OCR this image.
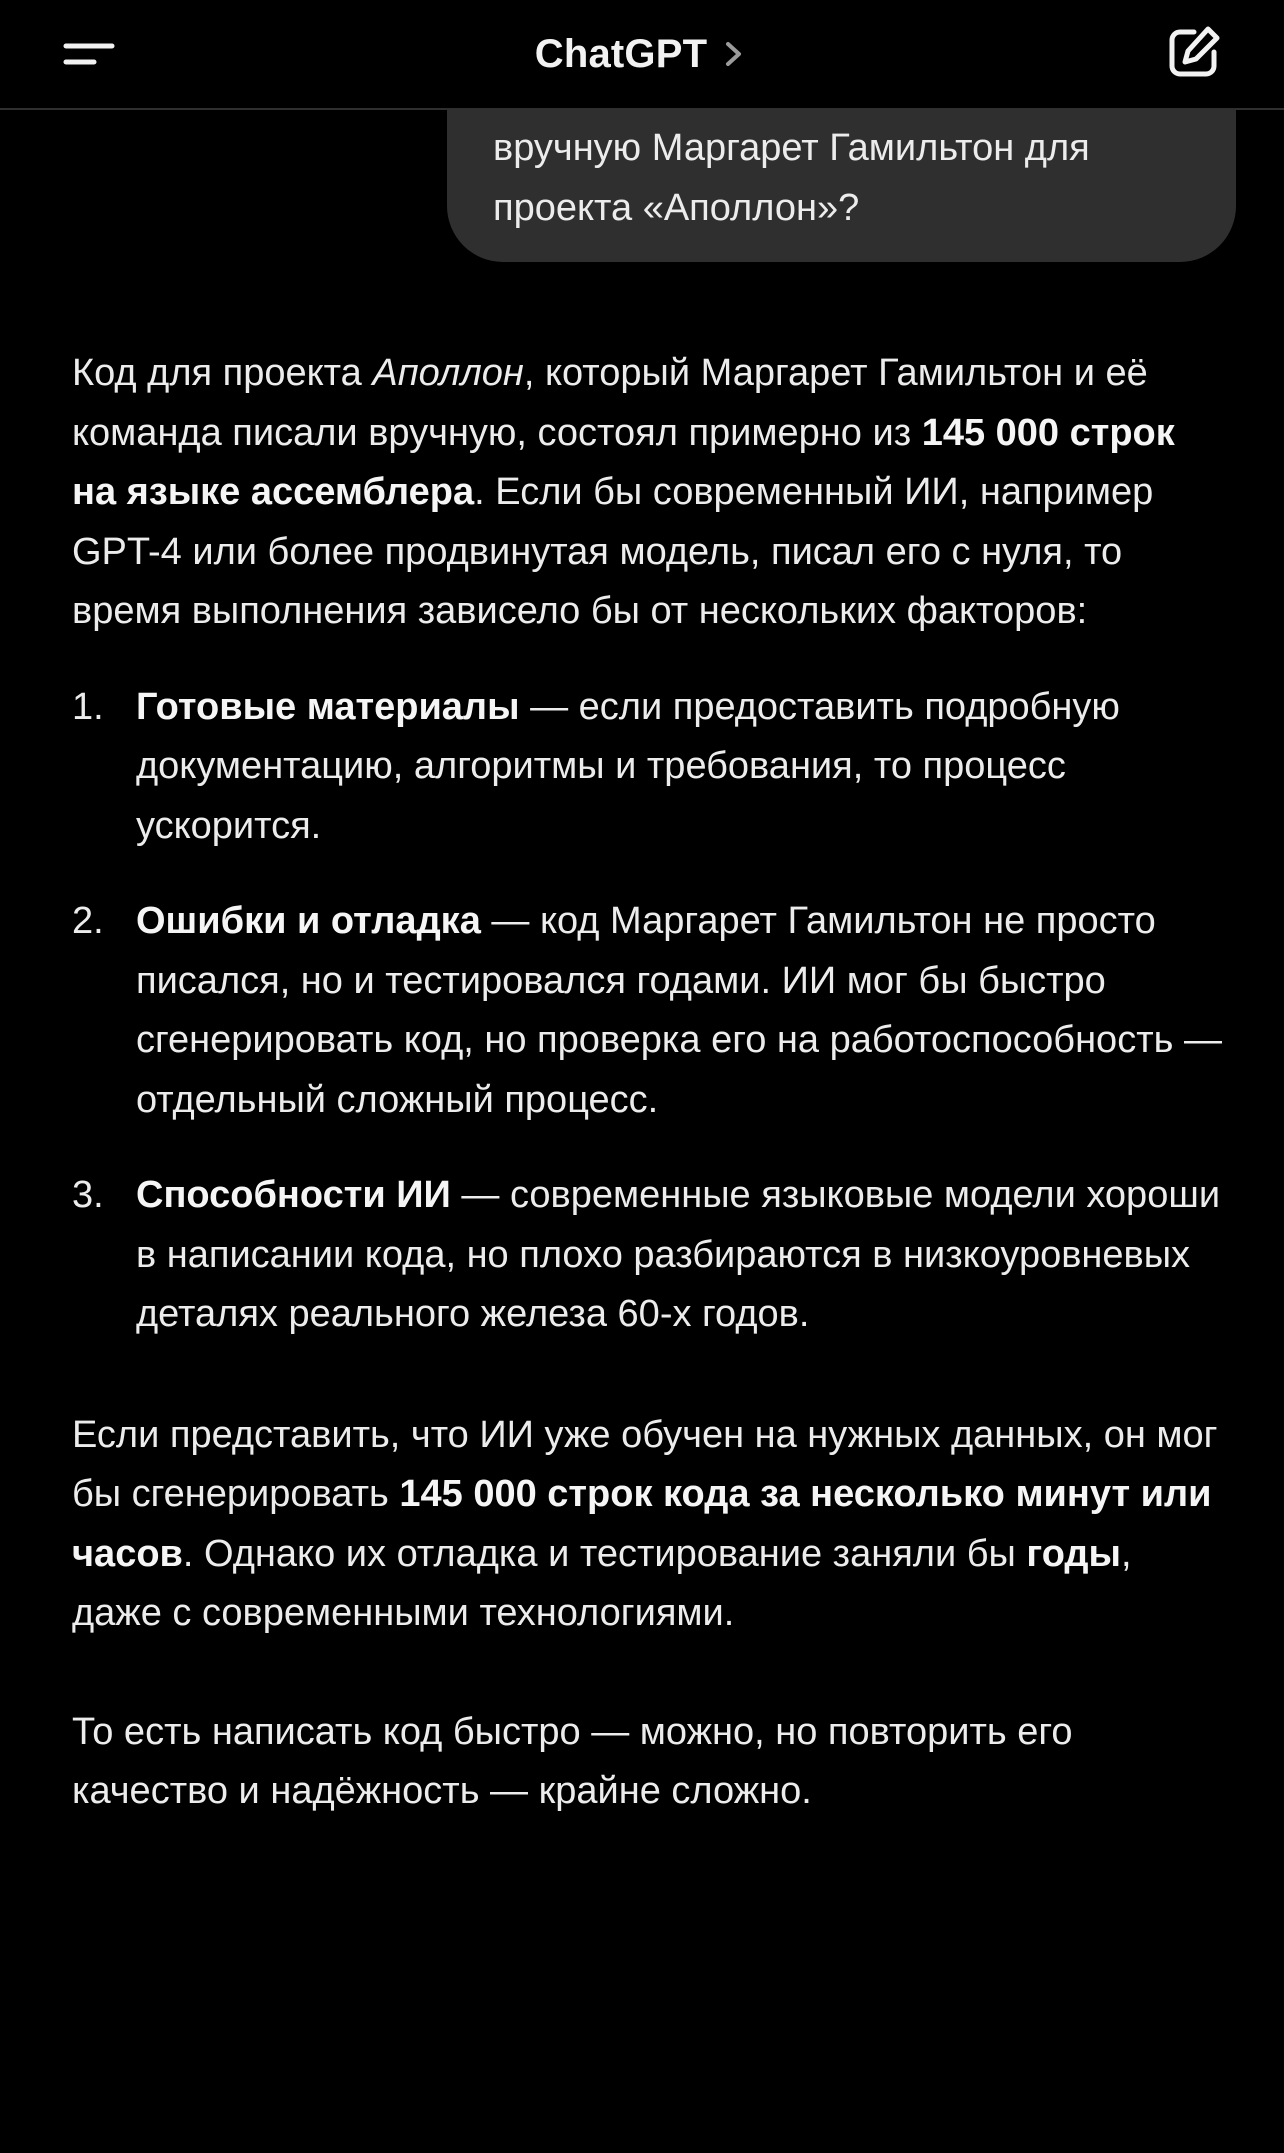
ChatGPT

вручную Маргарет Гамильтон для

проекта «Аполлон»?

Код для проекта Аполлон, который Маргарет Гамильтон и её команда писали вручную, состоял примерно из 145 000 строк на языке ассемблера. Если бы современный ИИ, например GPT-4 или более продвинутая модель, писал его с нуля, то время выполнения зависело бы от нескольких факторов:

1. Готовые материалы — если предоставить подробную документацию, алгоритмы и требования, то процесс ускорится.
2. Ошибки и отладка — код Маргарет Гамильтон не просто писался, но и тестировался годами. ИИ мог бы быстро сгенерировать код, но проверка его на работоспособность — отдельный сложный процесс.
3. Способности ИИ — современные языковые модели хороши в написании кода, но плохо разбираются в низкоуровневых деталях реального железа 60-х годов.

Если представить, что ИИ уже обучен на нужных данных, он мог бы сгенерировать 145 000 строк кода за несколько минут или часов. Однако их отладка и тестирование заняли бы годы, даже с современными технологиями.

То есть написать код быстро — можно, но повторить его качество и надёжность — крайне сложно.
